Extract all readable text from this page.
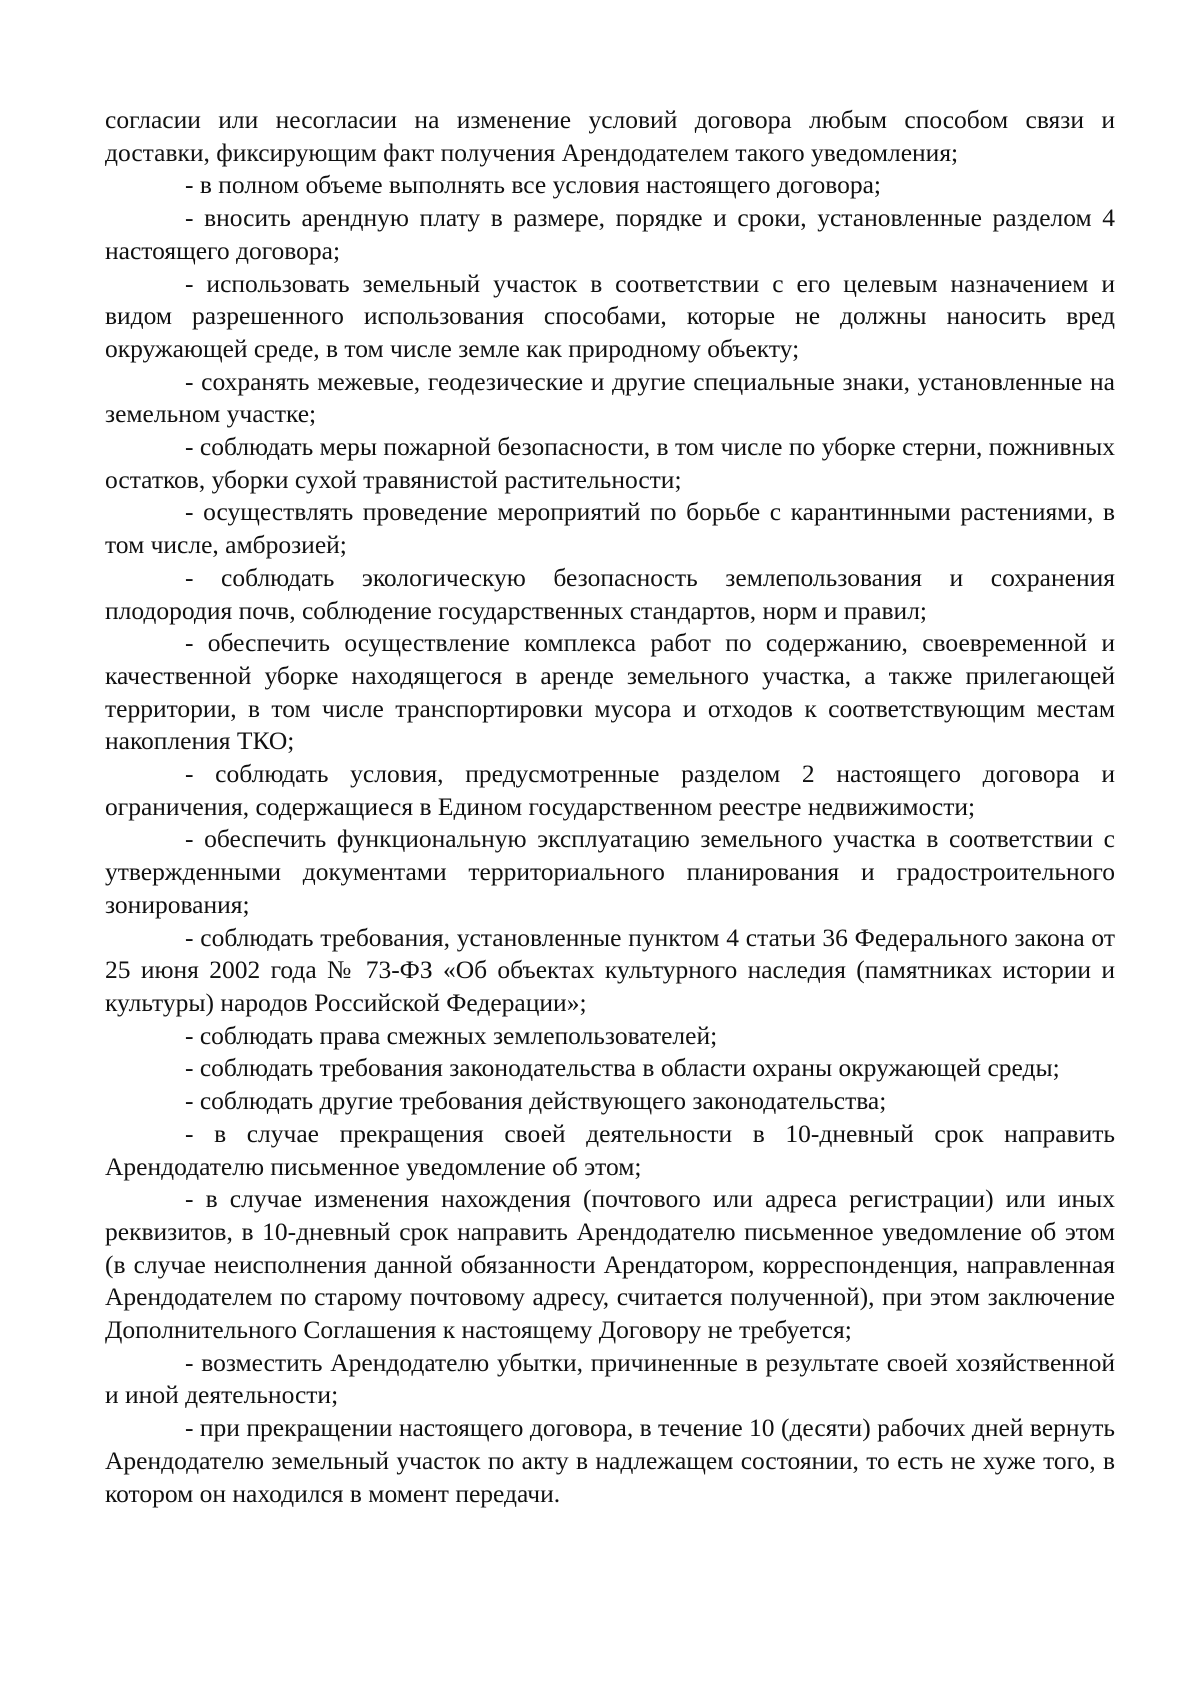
согласии или несогласии на изменение условий договора любым способом связи и доставки, фиксирующим факт получения Арендодателем такого уведомления;

- в полном объеме выполнять все условия настоящего договора;

- вносить арендную плату в размере, порядке и сроки, установленные разделом 4 настоящего договора;

- использовать земельный участок в соответствии с его целевым назначением и видом разрешенного использования способами, которые не должны наносить вред окружающей среде, в том числе земле как природному объекту;

- сохранять межевые, геодезические и другие специальные знаки, установленные на земельном участке;

- соблюдать меры пожарной безопасности, в том числе по уборке стерни, пожнивных остатков, уборки сухой травянистой растительности;

- осуществлять проведение мероприятий по борьбе с карантинными растениями, в том числе, амброзией;

- соблюдать экологическую безопасность землепользования и сохранения плодородия почв, соблюдение государственных стандартов, норм и правил;

- обеспечить осуществление комплекса работ по содержанию, своевременной и качественной уборке находящегося в аренде земельного участка, а также прилегающей территории, в том числе транспортировки мусора и отходов к соответствующим местам накопления ТКО;

- соблюдать условия, предусмотренные разделом 2 настоящего договора и ограничения, содержащиеся в Едином государственном реестре недвижимости;

- обеспечить функциональную эксплуатацию земельного участка в соответствии с утвержденными документами территориального планирования и градостроительного зонирования;

- соблюдать требования, установленные пунктом 4 статьи 36 Федерального закона от 25 июня 2002 года № 73-ФЗ «Об объектах культурного наследия (памятниках истории и культуры) народов Российской Федерации»;

- соблюдать права смежных землепользователей;

- соблюдать требования законодательства в области охраны окружающей среды;

- соблюдать другие требования действующего законодательства;

- в случае прекращения своей деятельности в 10-дневный срок направить Арендодателю письменное уведомление об этом;

- в случае изменения нахождения (почтового или адреса регистрации) или иных реквизитов, в 10-дневный срок направить Арендодателю письменное уведомление об этом (в случае неисполнения данной обязанности Арендатором, корреспонденция, направленная Арендодателем по старому почтовому адресу, считается полученной), при этом заключение Дополнительного Соглашения к настоящему Договору не требуется;

- возместить Арендодателю убытки, причиненные в результате своей хозяйственной и иной деятельности;

- при прекращении настоящего договора, в течение 10 (десяти) рабочих дней вернуть Арендодателю земельный участок по акту в надлежащем состоянии, то есть не хуже того, в котором он находился в момент передачи.
